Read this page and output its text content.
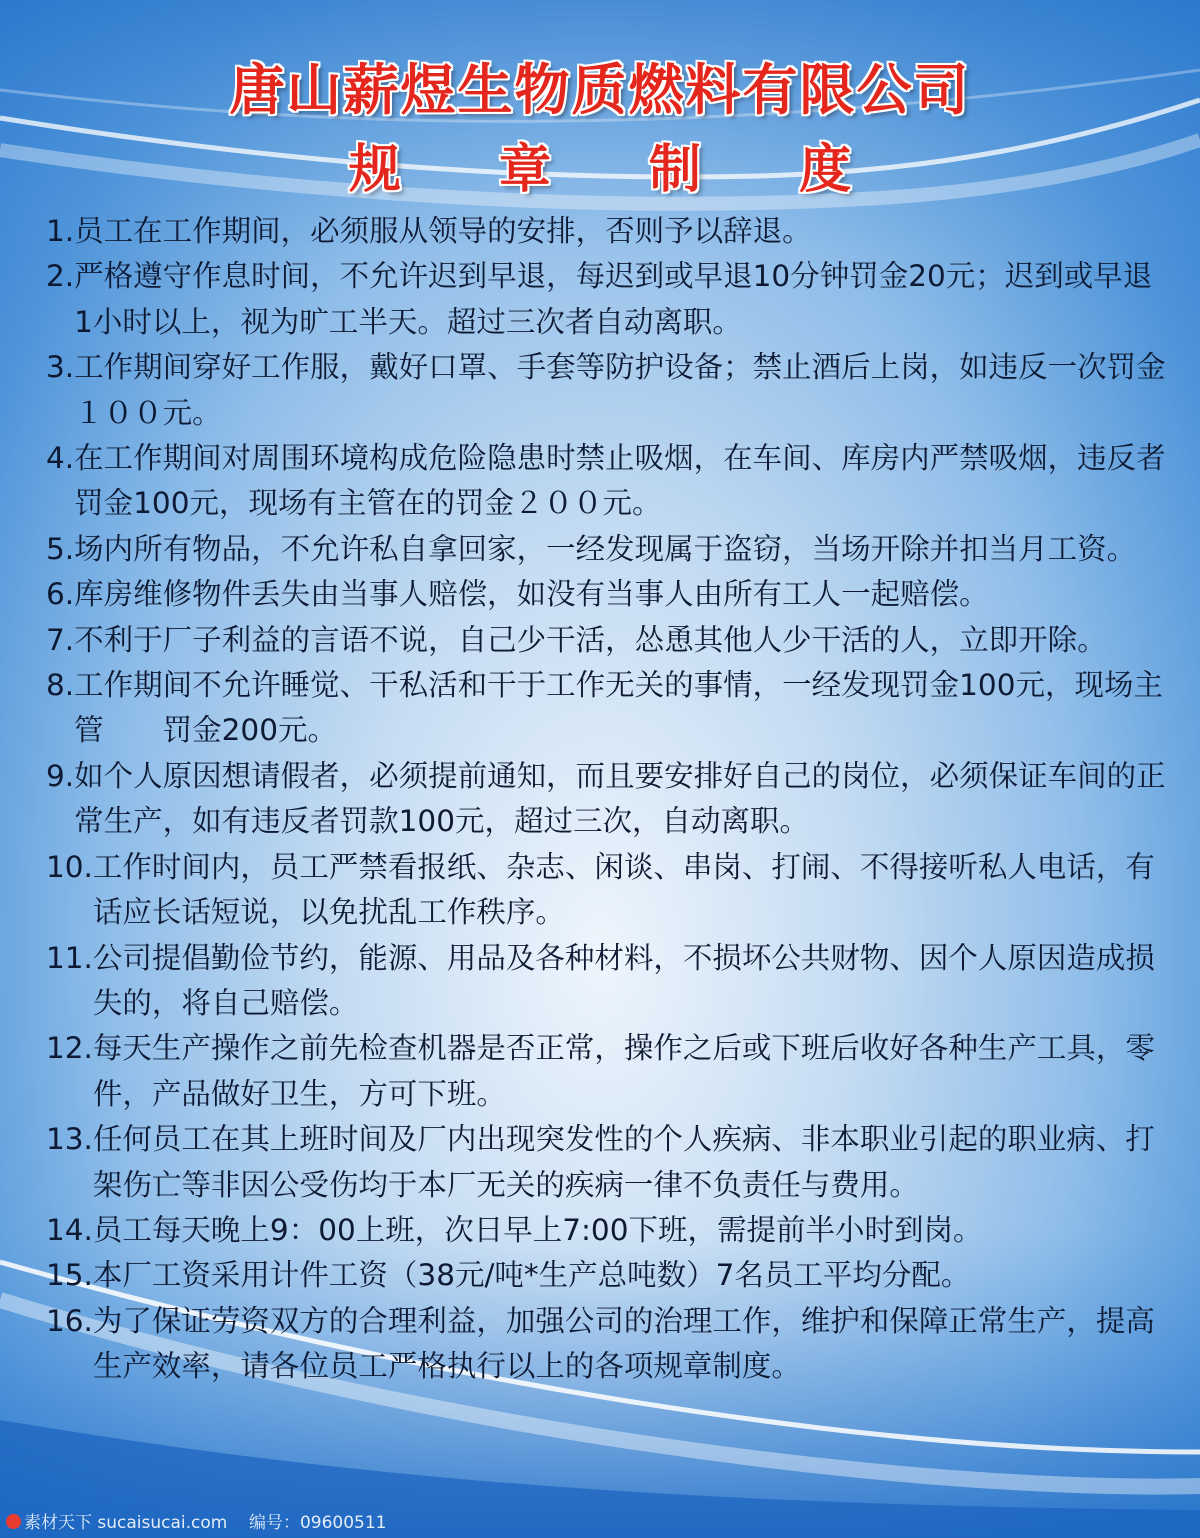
唐山薪煜生物质燃料有限公司
规 章 制 度
1. 员工在工作期间，必须服从领导的安排，否则予以辞退。
2. 严格遵守作息时间，不允许迟到早退，每迟到或早退10分钟罚金20元；迟到或早退1小时以上，视为旷工半天。超过三次者自动离职。
3. 工作期间穿好工作服，戴好口罩、手套等防护设备；禁止酒后上岗，如违反一次罚金１００元。
4. 在工作期间对周围环境构成危险隐患时禁止吸烟，在车间、库房内严禁吸烟，违反者罚金100元，现场有主管在的罚金２００元。
5. 场内所有物品，不允许私自拿回家，一经发现属于盗窃，当场开除并扣当月工资。
6. 库房维修物件丢失由当事人赔偿，如没有当事人由所有工人一起赔偿。
7. 不利于厂子利益的言语不说，自己少干活，怂恿其他人少干活的人，立即开除。
8. 工作期间不允许睡觉、干私活和干于工作无关的事情，一经发现罚金100元，现场主管　　罚金200元。
9. 如个人原因想请假者，必须提前通知，而且要安排好自己的岗位，必须保证车间的正常生产，如有违反者罚款100元，超过三次，自动离职。
10. 工作时间内，员工严禁看报纸、杂志、闲谈、串岗、打闹、不得接听私人电话，有话应长话短说，以免扰乱工作秩序。
11. 公司提倡勤俭节约，能源、用品及各种材料，不损坏公共财物、因个人原因造成损失的，将自己赔偿。
12. 每天生产操作之前先检查机器是否正常，操作之后或下班后收好各种生产工具，零件，产品做好卫生，方可下班。
13. 任何员工在其上班时间及厂内出现突发性的个人疾病、非本职业引起的职业病、打架伤亡等非因公受伤均于本厂无关的疾病一律不负责任与费用。
14. 员工每天晚上9：00上班，次日早上7:00下班，需提前半小时到岗。
15. 本厂工资采用计件工资（38元/吨*生产总吨数）7名员工平均分配。
16. 为了保证劳资双方的合理利益，加强公司的治理工作，维护和保障正常生产，提高生产效率，请各位员工严格执行以上的各项规章制度。
素材天下 sucaisucai.com    编号：09600511
